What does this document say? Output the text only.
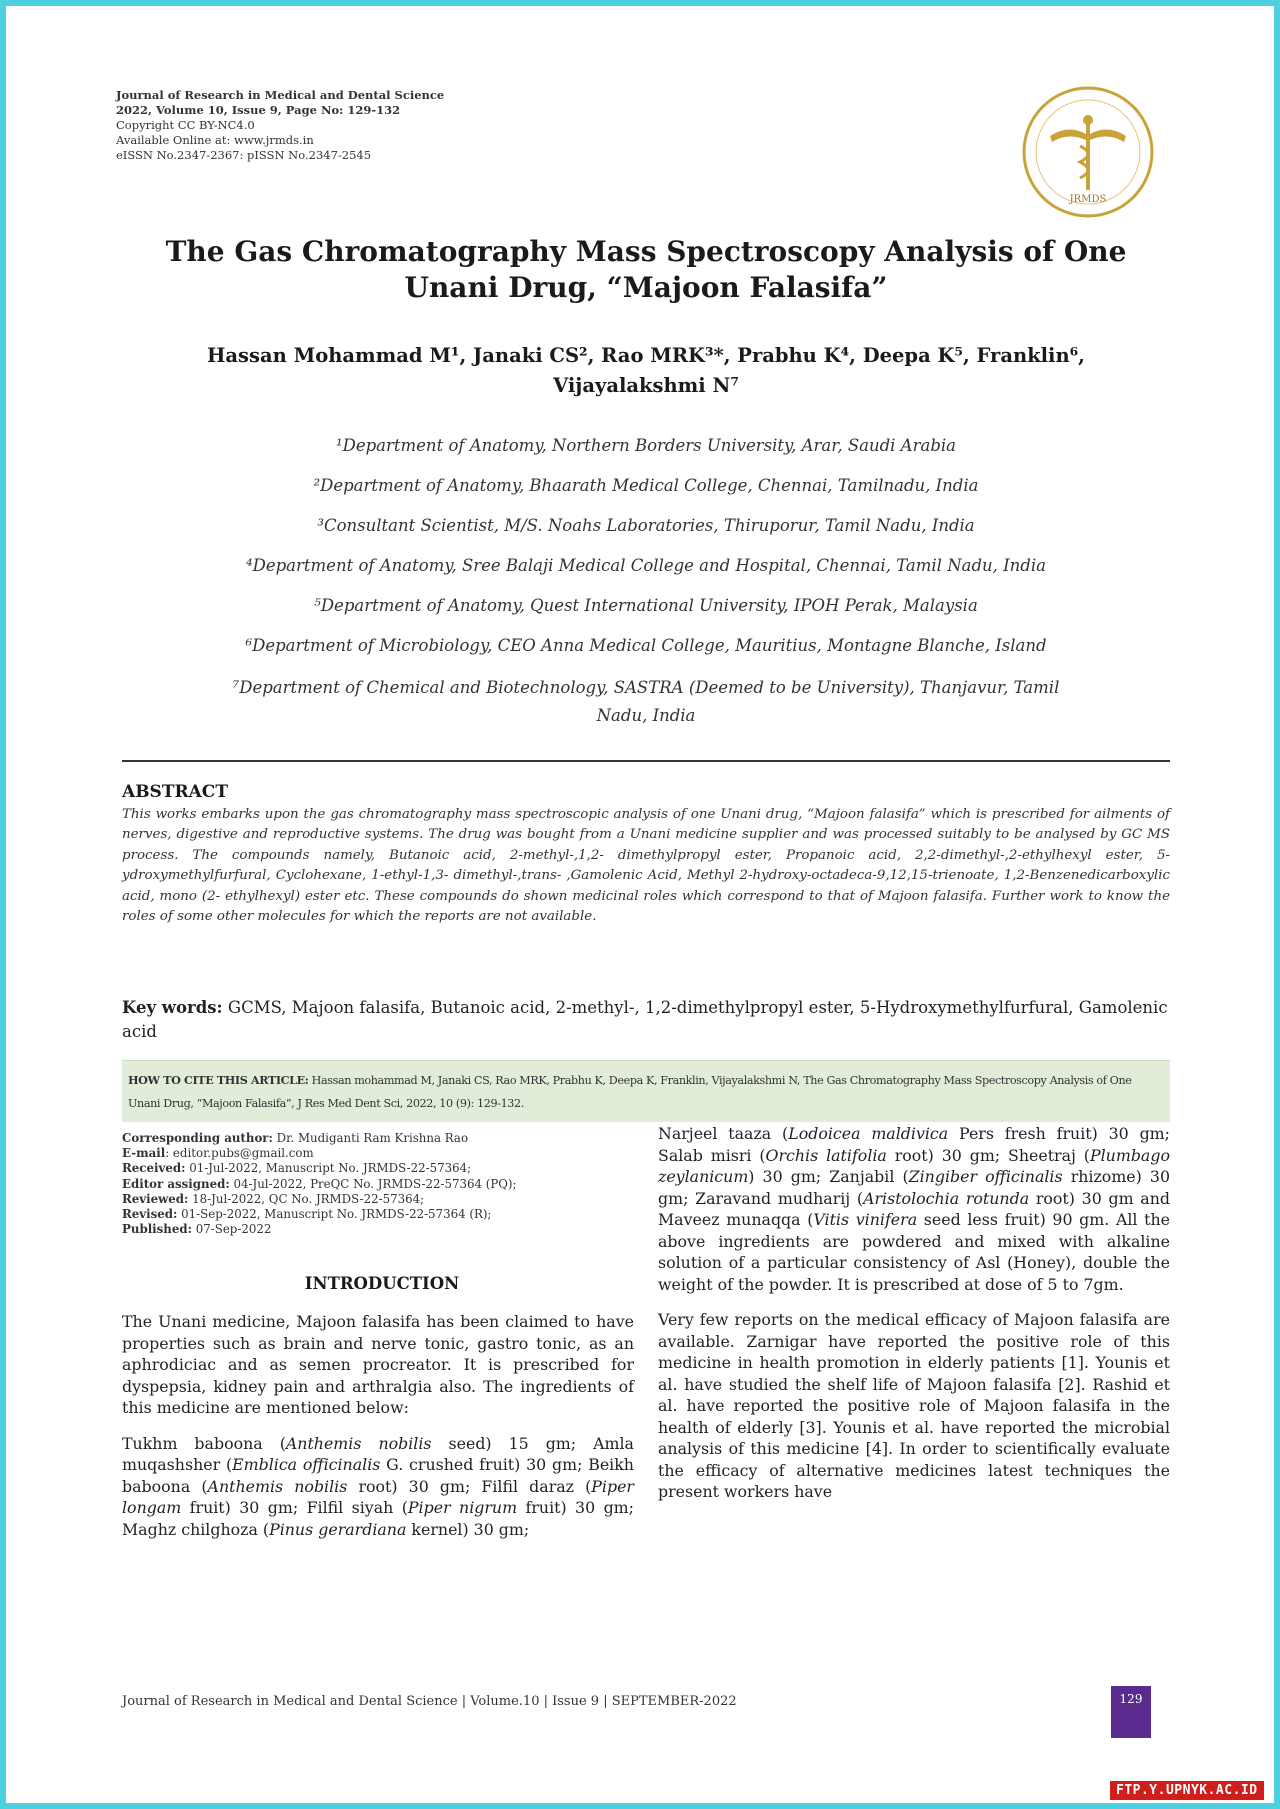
Journal of Research in Medical and Dental Science
2022, Volume 10, Issue 9, Page No: 129-132
Copyright CC BY-NC4.0
Available Online at: www.jrmds.in
eISSN No.2347-2367: pISSN No.2347-2545
JRMDS
The Gas Chromatography Mass Spectroscopy Analysis of One
Unani Drug, “Majoon Falasifa”
Hassan Mohammad M¹, Janaki CS², Rao MRK³*, Prabhu K⁴, Deepa K⁵, Franklin⁶,
Vijayalakshmi N⁷
¹Department of Anatomy, Northern Borders University, Arar, Saudi Arabia
²Department of Anatomy, Bhaarath Medical College, Chennai, Tamilnadu, India
³Consultant Scientist, M/S. Noahs Laboratories, Thiruporur, Tamil Nadu, India
⁴Department of Anatomy, Sree Balaji Medical College and Hospital, Chennai, Tamil Nadu, India
⁵Department of Anatomy, Quest International University, IPOH Perak, Malaysia
⁶Department of Microbiology, CEO Anna Medical College, Mauritius, Montagne Blanche, Island
⁷Department of Chemical and Biotechnology, SASTRA (Deemed to be University), Thanjavur, Tamil
Nadu, India
ABSTRACT
This works embarks upon the gas chromatography mass spectroscopic analysis of one Unani drug, “Majoon falasifa” which is prescribed for ailments of nerves, digestive and reproductive systems. The drug was bought from a Unani medicine supplier and was processed suitably to be analysed by GC MS process. The compounds namely, Butanoic acid, 2-methyl-,1,2- dimethylpropyl ester, Propanoic acid, 2,2-dimethyl-,2-ethylhexyl ester, 5-ydroxymethylfurfural, Cyclohexane, 1-ethyl-1,3- dimethyl-,trans- ,Gamolenic Acid, Methyl 2-hydroxy-octadeca-9,12,15-trienoate, 1,2-Benzenedicarboxylic acid, mono (2- ethylhexyl) ester etc. These compounds do shown medicinal roles which correspond to that of Majoon falasifa. Further work to know the roles of some other molecules for which the reports are not available.
Key words: GCMS, Majoon falasifa, Butanoic acid, 2-methyl-, 1,2-dimethylpropyl ester, 5-Hydroxymethylfurfural, Gamolenic acid
HOW TO CITE THIS ARTICLE: Hassan mohammad M, Janaki CS, Rao MRK, Prabhu K, Deepa K, Franklin, Vijayalakshmi N, The Gas Chromatography Mass Spectroscopy Analysis of One Unani Drug, “Majoon Falasifa”, J Res Med Dent Sci, 2022, 10 (9): 129-132.
Corresponding author: Dr. Mudiganti Ram Krishna Rao
E-mail: editor.pubs@gmail.com
Received: 01-Jul-2022, Manuscript No. JRMDS-22-57364;
Editor assigned: 04-Jul-2022, PreQC No. JRMDS-22-57364 (PQ);
Reviewed: 18-Jul-2022, QC No. JRMDS-22-57364;
Revised: 01-Sep-2022, Manuscript No. JRMDS-22-57364 (R);
Published: 07-Sep-2022
INTRODUCTION

The Unani medicine, Majoon falasifa has been claimed to have properties such as brain and nerve tonic, gastro tonic, as an aphrodiciac and as semen procreator. It is prescribed for dyspepsia, kidney pain and arthralgia also. The ingredients of this medicine are mentioned below:

Tukhm baboona (Anthemis nobilis seed) 15 gm; Amla muqashsher (Emblica officinalis G. crushed fruit) 30 gm; Beikh baboona (Anthemis nobilis root) 30 gm; Filfil daraz (Piper longam fruit) 30 gm; Filfil siyah (Piper nigrum fruit) 30 gm; Maghz chilghoza (Pinus gerardiana kernel) 30 gm;

Narjeel taaza (Lodoicea maldivica Pers fresh fruit) 30 gm; Salab misri (Orchis latifolia root) 30 gm; Sheetraj (Plumbago zeylanicum) 30 gm; Zanjabil (Zingiber officinalis rhizome) 30 gm; Zaravand mudharij (Aristolochia rotunda root) 30 gm and Maveez munaqqa (Vitis vinifera seed less fruit) 90 gm. All the above ingredients are powdered and mixed with alkaline solution of a particular consistency of Asl (Honey), double the weight of the powder. It is prescribed at dose of 5 to 7gm.

Very few reports on the medical efficacy of Majoon falasifa are available. Zarnigar have reported the positive role of this medicine in health promotion in elderly patients [1]. Younis et al. have studied the shelf life of Majoon falasifa [2]. Rashid et al. have reported the positive role of Majoon falasifa in the health of elderly [3]. Younis et al. have reported the microbial analysis of this medicine [4]. In order to scientifically evaluate the efficacy of alternative medicines latest techniques the present workers have

Journal of Research in Medical and Dental Science | Volume.10 | Issue 9 | SEPTEMBER-2022	129
FTP.Y.UPNYK.AC.ID
